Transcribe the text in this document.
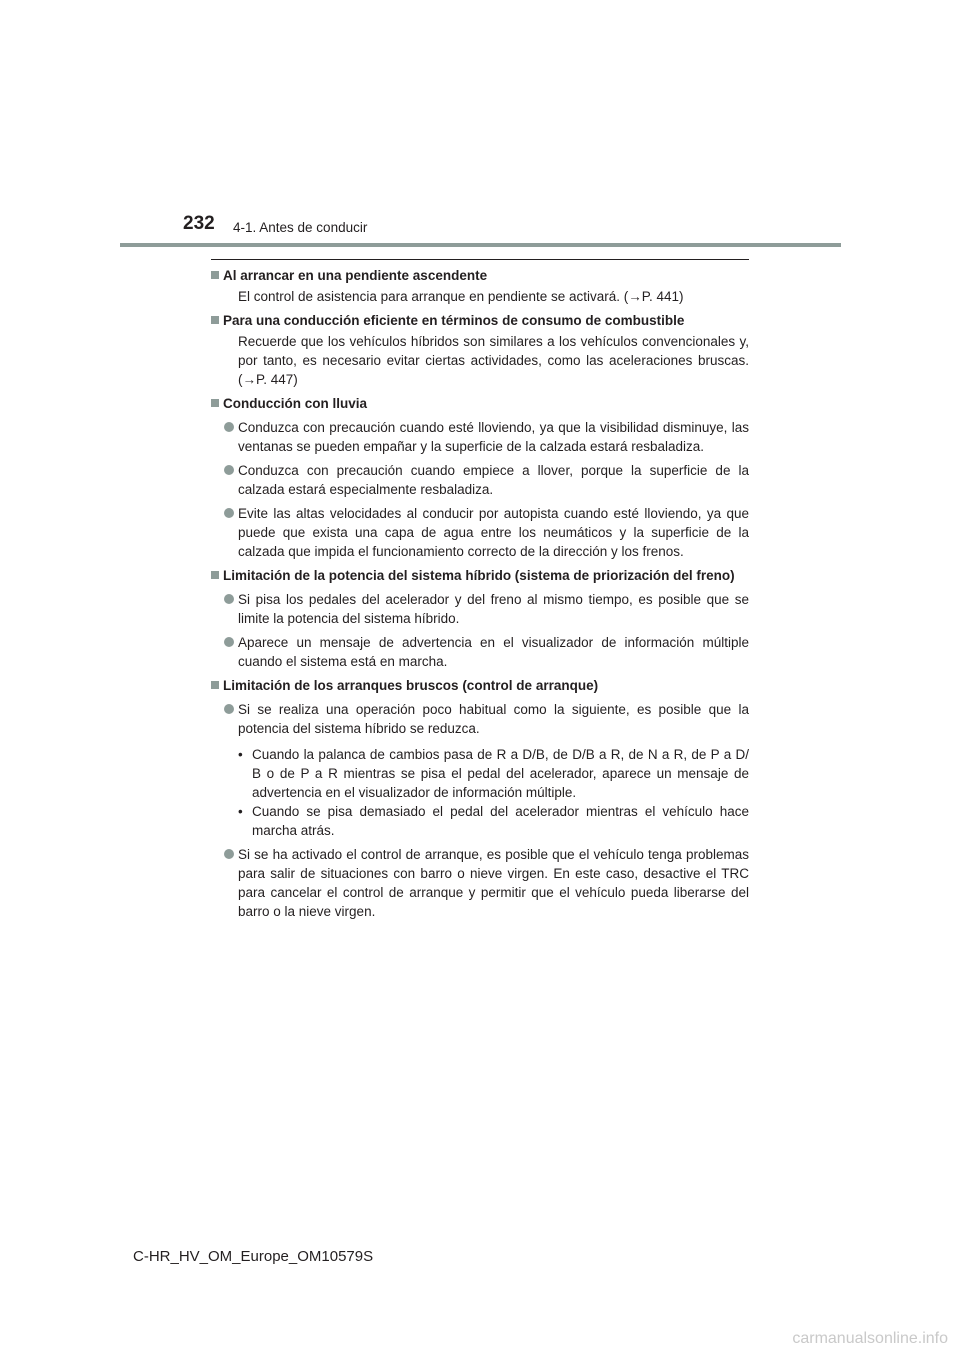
232 4-1. Antes de conducir
Al arrancar en una pendiente ascendente
El control de asistencia para arranque en pendiente se activará. (→P. 441)
Para una conducción eficiente en términos de consumo de combustible
Recuerde que los vehículos híbridos son similares a los vehículos convencionales y, por tanto, es necesario evitar ciertas actividades, como las aceleraciones bruscas. (→P. 447)
Conducción con lluvia
Conduzca con precaución cuando esté lloviendo, ya que la visibilidad disminuye, las ventanas se pueden empañar y la superficie de la calzada estará resbaladiza.
Conduzca con precaución cuando empiece a llover, porque la superficie de la calzada estará especialmente resbaladiza.
Evite las altas velocidades al conducir por autopista cuando esté lloviendo, ya que puede que exista una capa de agua entre los neumáticos y la superficie de la calzada que impida el funcionamiento correcto de la dirección y los frenos.
Limitación de la potencia del sistema híbrido (sistema de priorización del freno)
Si pisa los pedales del acelerador y del freno al mismo tiempo, es posible que se limite la potencia del sistema híbrido.
Aparece un mensaje de advertencia en el visualizador de información múltiple cuando el sistema está en marcha.
Limitación de los arranques bruscos (control de arranque)
Si se realiza una operación poco habitual como la siguiente, es posible que la potencia del sistema híbrido se reduzca.
• Cuando la palanca de cambios pasa de R a D/B, de D/B a R, de N a R, de P a D/ B o de P a R mientras se pisa el pedal del acelerador, aparece un mensaje de advertencia en el visualizador de información múltiple.
• Cuando se pisa demasiado el pedal del acelerador mientras el vehículo hace marcha atrás.
Si se ha activado el control de arranque, es posible que el vehículo tenga problemas para salir de situaciones con barro o nieve virgen. En este caso, desactive el TRC para cancelar el control de arranque y permitir que el vehículo pueda liberarse del barro o la nieve virgen.
C-HR_HV_OM_Europe_OM10579S
carmanualsonline.info
